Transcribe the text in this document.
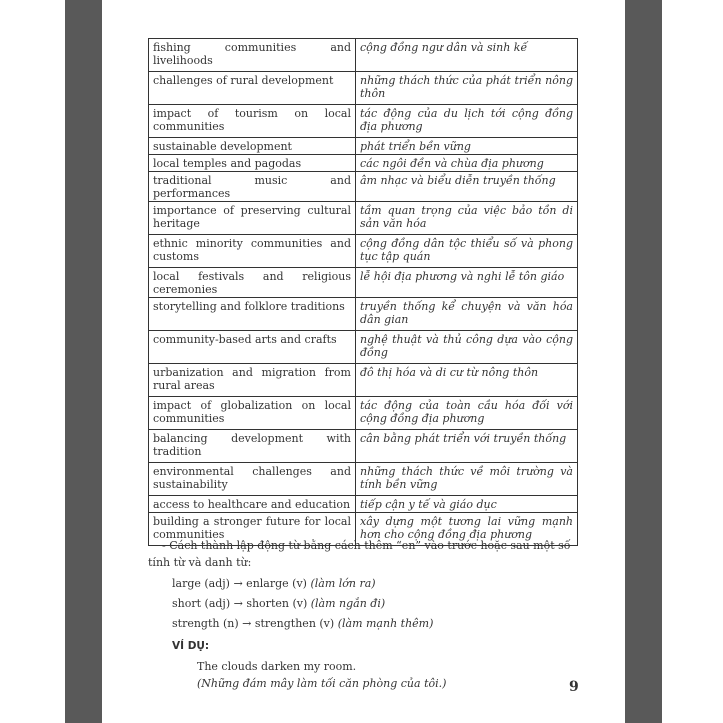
fishing communities and livelihoods	cộng đồng ngư dân và sinh kế
challenges of rural development	những thách thức của phát triển nông thôn
impact of tourism on local communities	tác động của du lịch tới cộng đồng địa phương
sustainable development	phát triển bền vững
local temples and pagodas	các ngôi đền và chùa địa phương
traditional music and performances	âm nhạc và biểu diễn truyền thống
importance of preserving cultural heritage	tầm quan trọng của việc bảo tồn di sản văn hóa
ethnic minority communities and customs	cộng đồng dân tộc thiểu số và phong tục tập quán
local festivals and religious ceremonies	lễ hội địa phương và nghi lễ tôn giáo
storytelling and folklore traditions	truyền thống kể chuyện và văn hóa dân gian
community-based arts and crafts	nghệ thuật và thủ công dựa vào cộng đồng
urbanization and migration from rural areas	đô thị hóa và di cư từ nông thôn
impact of globalization on local communities	tác động của toàn cầu hóa đối với cộng đồng địa phương
balancing development with tradition	cân bằng phát triển với truyền thống
environmental challenges and sustainability	những thách thức về môi trường và tính bền vững
access to healthcare and education	tiếp cận y tế và giáo dục
building a stronger future for local communities	xây dựng một tương lai vững mạnh hơn cho cộng đồng địa phương
- Cách thành lập động từ bằng cách thêm “en” vào trước hoặc sau một số
tính từ và danh từ:
large (adj) → enlarge (v) (làm lớn ra)
short (adj) → shorten (v) (làm ngắn đi)
strength (n) → strengthen (v) (làm mạnh thêm)
VÍ DỤ:
The clouds darken my room.
(Những đám mây làm tối căn phòng của tôi.)	9
